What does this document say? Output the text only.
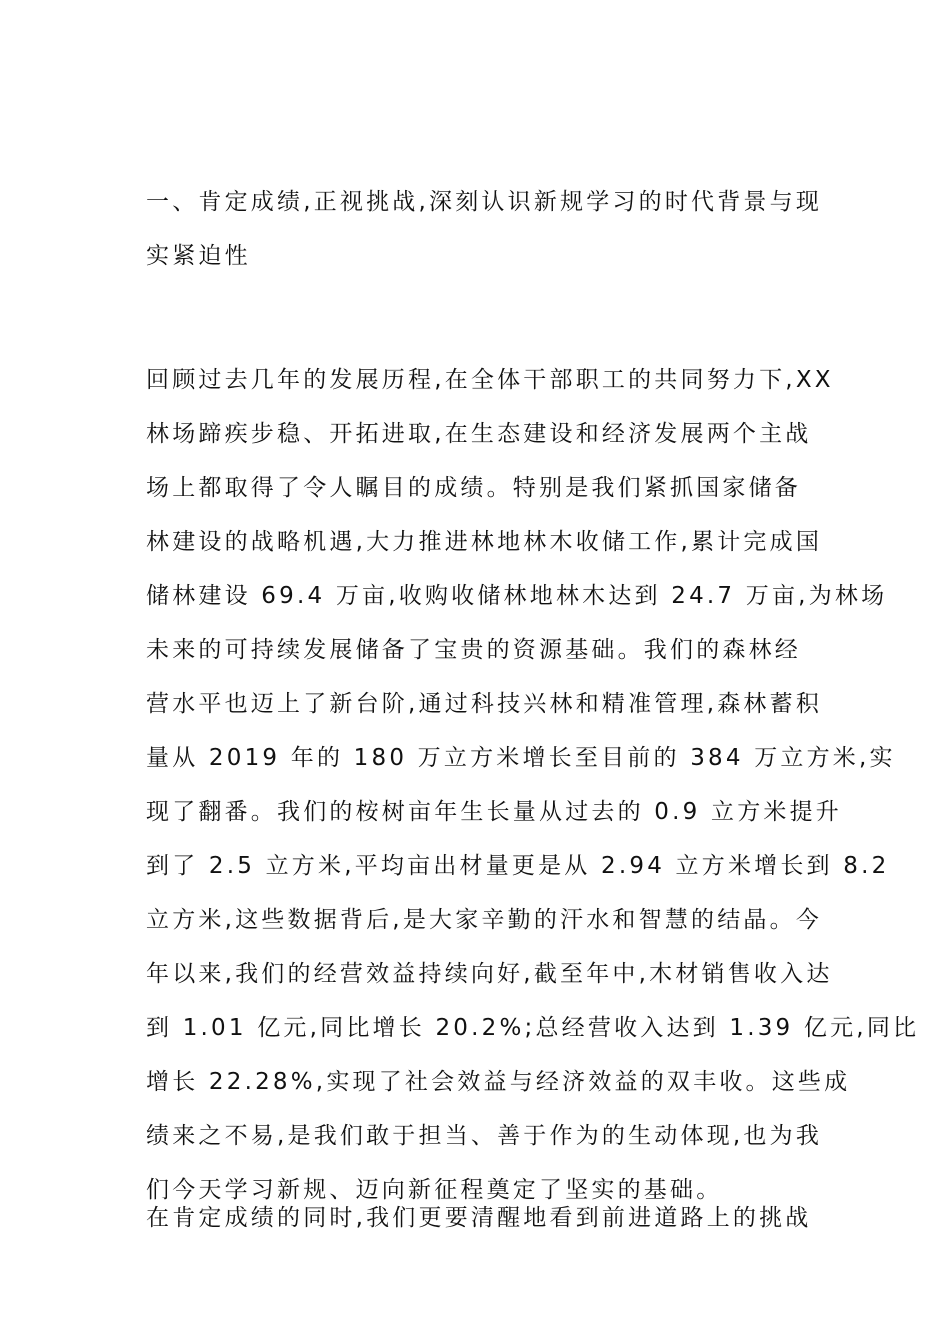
一、肯定成绩,正视挑战,深刻认识新规学习的时代背景与现
实紧迫性
回顾过去几年的发展历程,在全体干部职工的共同努力下,XX
林场蹄疾步稳、开拓进取,在生态建设和经济发展两个主战
场上都取得了令人瞩目的成绩。特别是我们紧抓国家储备
林建设的战略机遇,大力推进林地林木收储工作,累计完成国
储林建设 69.4 万亩,收购收储林地林木达到 24.7 万亩,为林场
未来的可持续发展储备了宝贵的资源基础。我们的森林经
营水平也迈上了新台阶,通过科技兴林和精准管理,森林蓄积
量从 2019 年的 180 万立方米增长至目前的 384 万立方米,实
现了翻番。我们的桉树亩年生长量从过去的 0.9 立方米提升
到了 2.5 立方米,平均亩出材量更是从 2.94 立方米增长到 8.2
立方米,这些数据背后,是大家辛勤的汗水和智慧的结晶。今
年以来,我们的经营效益持续向好,截至年中,木材销售收入达
到 1.01 亿元,同比增长 20.2%;总经营收入达到 1.39 亿元,同比
增长 22.28%,实现了社会效益与经济效益的双丰收。这些成
绩来之不易,是我们敢于担当、善于作为的生动体现,也为我
们今天学习新规、迈向新征程奠定了坚实的基础。
在肯定成绩的同时,我们更要清醒地看到前进道路上的挑战
